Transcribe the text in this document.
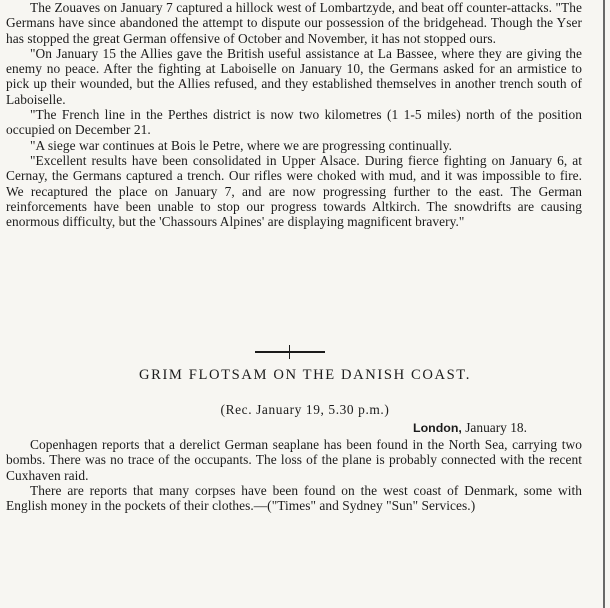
The Zouaves on January 7 captured a hillock west of Lombartzyde, and beat off counter-attacks. "The Germans have since abandoned the attempt to dispute our possession of the bridgehead. Though the Yser has stopped the great German offensive of October and November, it has not stopped ours.

"On January 15 the Allies gave the British useful assistance at La Bassee, where they are giving the enemy no peace. After the fighting at Laboiselle on January 10, the Germans asked for an armistice to pick up their wounded, but the Allies refused, and they established themselves in another trench south of Laboiselle.

"The French line in the Perthes district is now two kilometres (1 1-5 miles) north of the position occupied on December 21.

"A siege war continues at Bois le Petre, where we are progressing continually.

"Excellent results have been consolidated in Upper Alsace. During fierce fighting on January 6, at Cernay, the Germans captured a trench. Our rifles were choked with mud, and it was impossible to fire. We recaptured the place on January 7, and are now progressing further to the east. The German reinforcements have been unable to stop our progress towards Altkirch. The snowdrifts are causing enormous difficulty, but the 'Chassours Alpines' are displaying magnificent bravery."

GRIM FLOTSAM ON THE DANISH COAST.
(Rec. January 19, 5.30 p.m.)
London, January 18.

Copenhagen reports that a derelict German seaplane has been found in the North Sea, carrying two bombs. There was no trace of the occupants. The loss of the plane is probably connected with the recent Cuxhaven raid.

There are reports that many corpses have been found on the west coast of Denmark, some with English money in the pockets of their clothes.—("Times" and Sydney "Sun" Services.)
